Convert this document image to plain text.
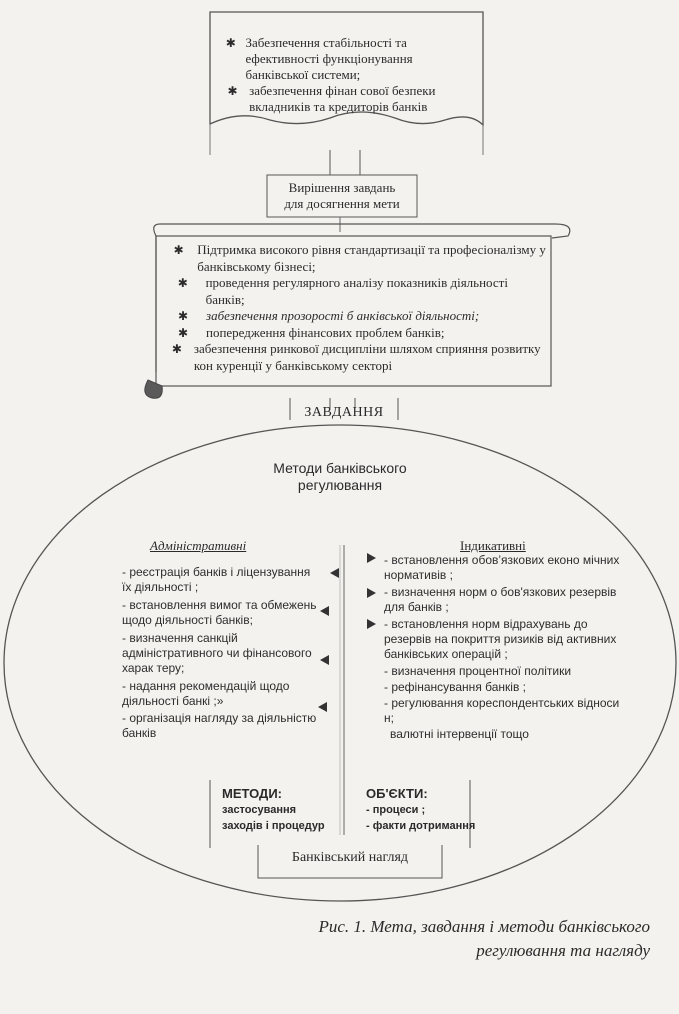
✱ Забезпечення стабільності та ефективності функціонування банківської системи;
✱ забезпечення фінан сової безпеки вкладників та кредиторів банків
Вирішення завдань
для досягнення мети
✱	Підтримка високого рівня стандартизації та професіоналізму у банківському бізнесі;
✱	проведення регулярного аналізу показників діяльності банків;
✱	забезпечення прозорості б анківської діяльності;
✱	попередження фінансових проблем банків;
✱ забезпечення ринкової дисципліни шляхом сприяння розвитку кон куренції у банківському секторі
ЗАВДАННЯ
Методи банківського
регулювання
Адміністративні	Індикативні
- реєстрація банків і ліцензування їх діяльності ;
- встановлення вимог та обмежень щодо діяльності банків;
- визначення санкцій адміністративного чи фінансового харак теру;
- надання рекомендацій щодо діяльності банкі ;»
- організація нагляду за діяльністю банків
- встановлення обов’язкових еконо мічних нормативів ;
- визначення норм о бов'язкових резервів для банків ;
- встановлення норм відрахувань до резервів на покриття ризиків від активних банківських операцій ;
- визначення процентної політики
- рефінансування банків ;
- регулювання кореспондентських відноси н;
валютні інтервенції тощо
МЕТОДИ:
застосування
заходів і процедур
ОБ'ЄКТИ:
- процеси ;
- факти дотримання
Банківський нагляд
Рис. 1. Мета, завдання і методи банківського
регулювання та нагляду
